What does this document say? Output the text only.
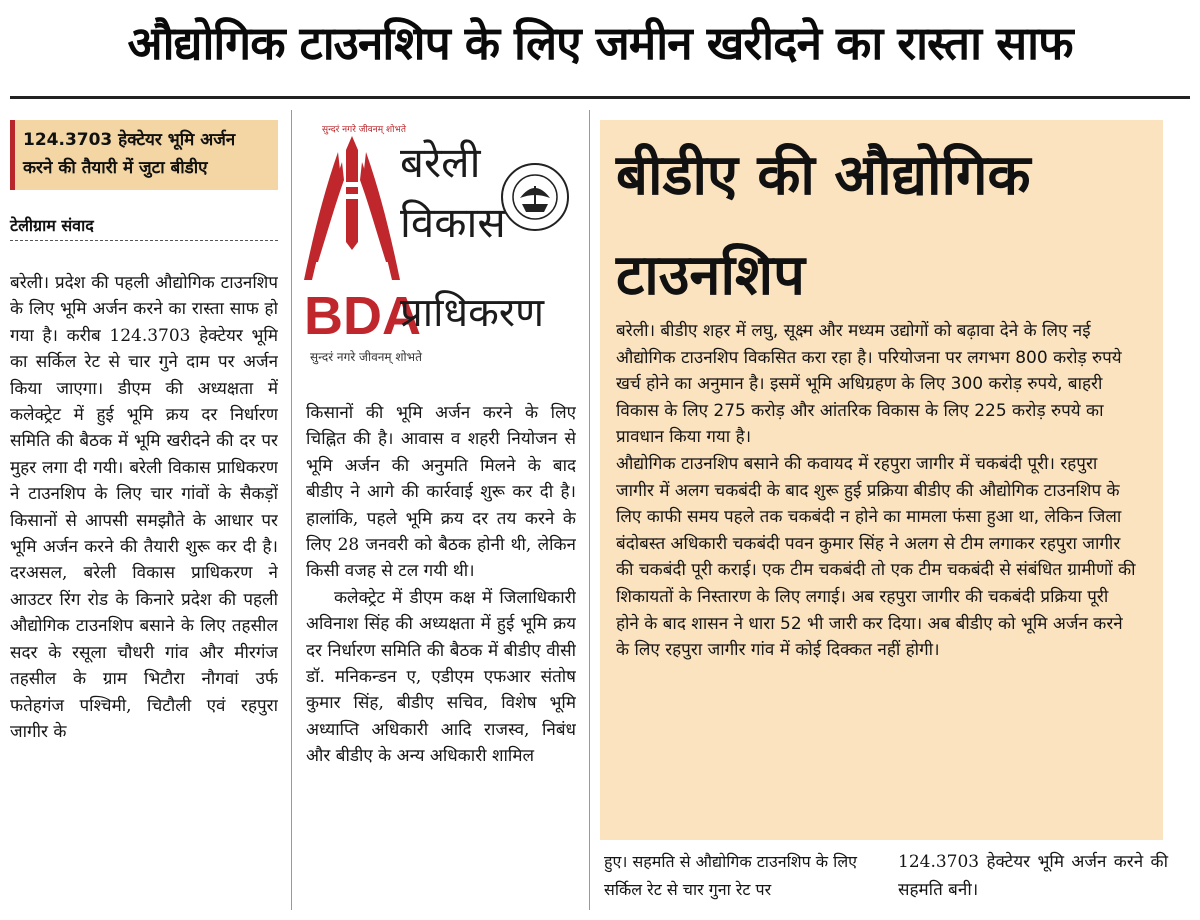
औद्योगिक टाउनशिप के लिए जमीन खरीदने का रास्ता साफ
124.3703 हेक्टेयर भूमि अर्जन करने की तैयारी में जुटा बीडीए
टेलीग्राम संवाद
बरेली। प्रदेश की पहली औद्योगिक टाउनशिप के लिए भूमि अर्जन करने का रास्ता साफ हो गया है। करीब 124.3703 हेक्टेयर भूमि का सर्किल रेट से चार गुने दाम पर अर्जन किया जाएगा। डीएम की अध्यक्षता में कलेक्ट्रेट में हुई भूमि क्रय दर निर्धारण समिति की बैठक में भूमि खरीदने की दर पर मुहर लगा दी गयी। बरेली विकास प्राधिकरण ने टाउनशिप के लिए चार गांवों के सैकड़ों किसानों से आपसी समझौते के आधार पर भूमि अर्जन करने की तैयारी शुरू कर दी है। दरअसल, बरेली विकास प्राधिकरण ने आउटर रिंग रोड के किनारे प्रदेश की पहली औद्योगिक टाउनशिप बसाने के लिए तहसील सदर के रसूला चौधरी गांव और मीरगंज तहसील के ग्राम भिटौरा नौगवां उर्फ फतेहगंज पश्चिमी, चिटौली एवं रहपुरा जागीर के
सुन्दरं नगरे जीवनम् शोभते
बरेली
विकास
BDA
प्राधिकरण
सुन्दरं नगरे जीवनम् शोभते
किसानों की भूमि अर्जन करने के लिए चिह्नित की है। आवास व शहरी नियोजन से भूमि अर्जन की अनुमति मिलने के बाद बीडीए ने आगे की कार्रवाई शुरू कर दी है। हालांकि, पहले भूमि क्रय दर तय करने के लिए 28 जनवरी को बैठक होनी थी, लेकिन किसी वजह से टल गयी थी।
कलेक्ट्रेट में डीएम कक्ष में जिलाधिकारी अविनाश सिंह की अध्यक्षता में हुई भूमि क्रय दर निर्धारण समिति की बैठक में बीडीए वीसी डॉ. मनिकन्डन ए, एडीएम एफआर संतोष कुमार सिंह, बीडीए सचिव, विशेष भूमि अध्याप्ति अधिकारी आदि राजस्व, निबंध और बीडीए के अन्य अधिकारी शामिल
बीडीए की औद्योगिक टाउनशिप

बरेली। बीडीए शहर में लघु, सूक्ष्म और मध्यम उद्योगों को बढ़ावा देने के लिए नई औद्योगिक टाउनशिप विकसित करा रहा है। परियोजना पर लगभग 800 करोड़ रुपये खर्च होने का अनुमान है। इसमें भूमि अधिग्रहण के लिए 300 करोड़ रुपये, बाहरी विकास के लिए 275 करोड़ और आंतरिक विकास के लिए 225 करोड़ रुपये का प्रावधान किया गया है।

औद्योगिक टाउनशिप बसाने की कवायद में रहपुरा जागीर में चकबंदी पूरी। रहपुरा जागीर में अलग चकबंदी के बाद शुरू हुई प्रक्रिया बीडीए की औद्योगिक टाउनशिप के लिए काफी समय पहले तक चकबंदी न होने का मामला फंसा हुआ था, लेकिन जिला बंदोबस्त अधिकारी चकबंदी पवन कुमार सिंह ने अलग से टीम लगाकर रहपुरा जागीर की चकबंदी पूरी कराई। एक टीम चकबंदी तो एक टीम चकबंदी से संबंधित ग्रामीणों की शिकायतों के निस्तारण के लिए लगाई। अब रहपुरा जागीर की चकबंदी प्रक्रिया पूरी होने के बाद शासन ने धारा 52 भी जारी कर दिया। अब बीडीए को भूमि अर्जन करने के लिए रहपुरा जागीर गांव में कोई दिक्कत नहीं होगी।

हुए। सहमति से औद्योगिक टाउनशिप के लिए सर्किल रेट से चार गुना रेट पर
124.3703 हेक्टेयर भूमि अर्जन करने की सहमति बनी।
